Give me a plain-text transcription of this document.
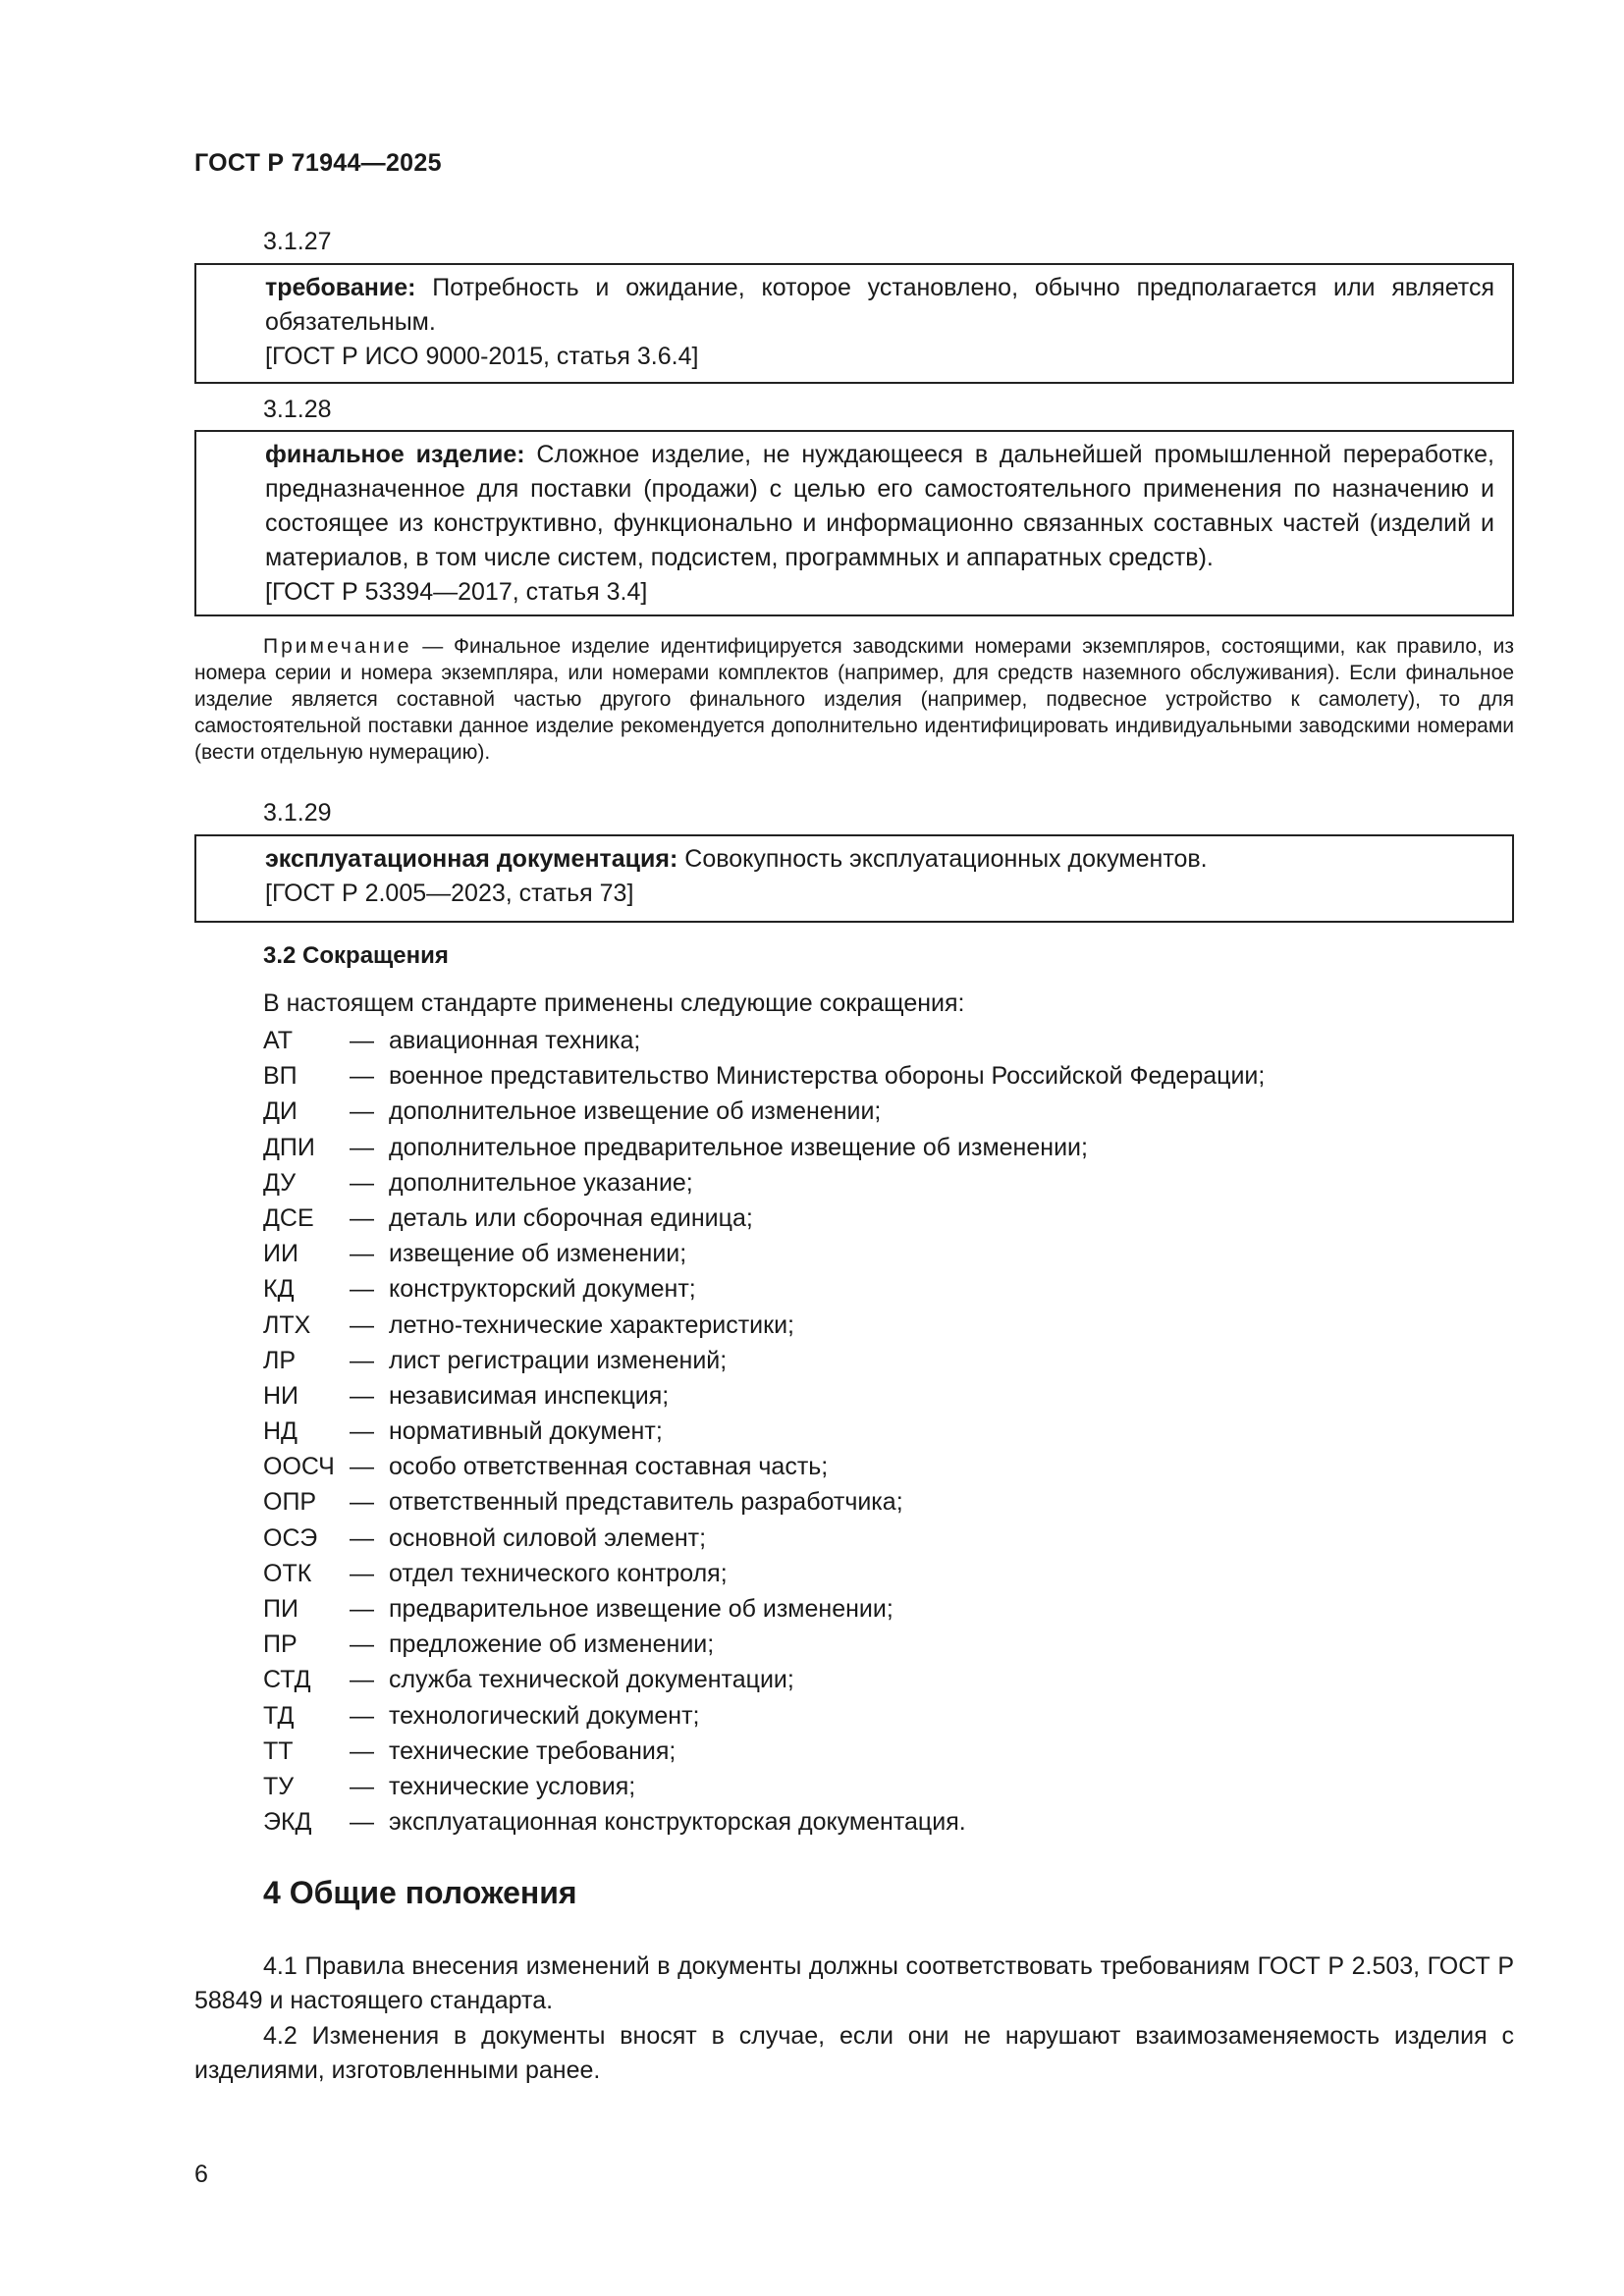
ГОСТ Р 71944—2025
3.1.27
требование: Потребность и ожидание, которое установлено, обычно предполагается или является обязательным.
[ГОСТ Р ИСО 9000-2015, статья 3.6.4]
3.1.28
финальное изделие: Сложное изделие, не нуждающееся в дальнейшей промышленной переработке, предназначенное для поставки (продажи) с целью его самостоятельного применения по назначению и состоящее из конструктивно, функционально и информационно связанных составных частей (изделий и материалов, в том числе систем, подсистем, программных и аппаратных средств).
[ГОСТ Р 53394—2017, статья 3.4]
Примечание — Финальное изделие идентифицируется заводскими номерами экземпляров, состоящими, как правило, из номера серии и номера экземпляра, или номерами комплектов (например, для средств наземного обслуживания). Если финальное изделие является составной частью другого финального изделия (например, подвесное устройство к самолету), то для самостоятельной поставки данное изделие рекомендуется дополнительно идентифицировать индивидуальными заводскими номерами (вести отдельную нумерацию).
3.1.29
эксплуатационная документация: Совокупность эксплуатационных документов.
[ГОСТ Р 2.005—2023, статья 73]
3.2 Сокращения
В настоящем стандарте применены следующие сокращения:
АТ — авиационная техника;
ВП — военное представительство Министерства обороны Российской Федерации;
ДИ — дополнительное извещение об изменении;
ДПИ — дополнительное предварительное извещение об изменении;
ДУ — дополнительное указание;
ДСЕ — деталь или сборочная единица;
ИИ — извещение об изменении;
КД — конструкторский документ;
ЛТХ — летно-технические характеристики;
ЛР — лист регистрации изменений;
НИ — независимая инспекция;
НД — нормативный документ;
ООСЧ — особо ответственная составная часть;
ОПР — ответственный представитель разработчика;
ОСЭ — основной силовой элемент;
ОТК — отдел технического контроля;
ПИ — предварительное извещение об изменении;
ПР — предложение об изменении;
СТД — служба технической документации;
ТД — технологический документ;
ТТ — технические требования;
ТУ — технические условия;
ЭКД — эксплуатационная конструкторская документация.
4 Общие положения
4.1 Правила внесения изменений в документы должны соответствовать требованиям ГОСТ Р 2.503, ГОСТ Р 58849 и настоящего стандарта.
4.2 Изменения в документы вносят в случае, если они не нарушают взаимозаменяемость изделия с изделиями, изготовленными ранее.
6
